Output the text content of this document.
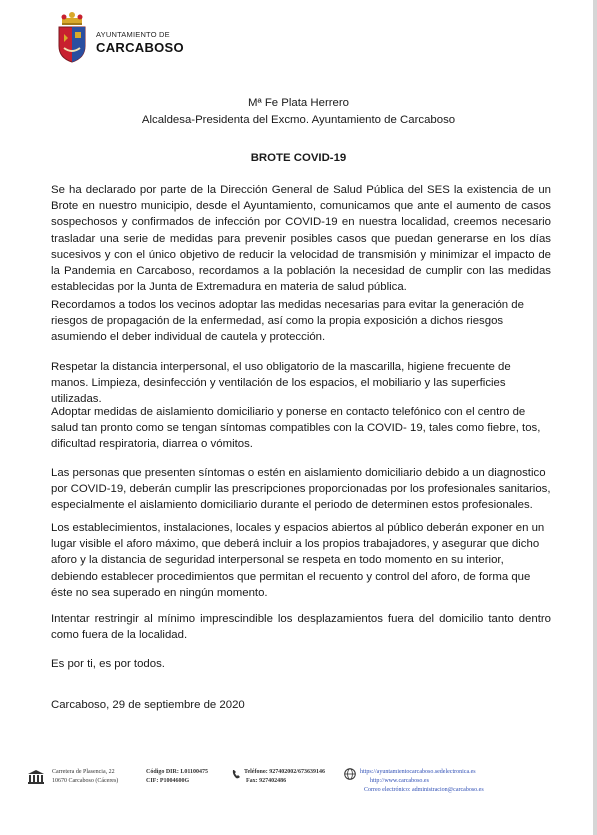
AYUNTAMIENTO DE
CARCABOSO
Mª Fe Plata Herrero
Alcaldesa-Presidenta del Excmo. Ayuntamiento de Carcaboso
BROTE COVID-19

Se ha declarado por parte de la Dirección General de Salud Pública del SES la existencia de un Brote en nuestro municipio, desde el Ayuntamiento, comunicamos que ante el aumento de casos sospechosos y confirmados de infección por COVID-19 en nuestra localidad, creemos necesario trasladar una serie de medidas para prevenir posibles casos que puedan generarse en los días sucesivos y con el único objetivo de reducir la velocidad de transmisión y minimizar el impacto de la Pandemia en Carcaboso, recordamos a la población la necesidad de cumplir con las medidas establecidas por la Junta de Extremadura en materia de salud pública.

Recordamos a todos los vecinos adoptar las medidas necesarias para evitar la generación de riesgos de propagación de la enfermedad, así como la propia exposición a dichos riesgos asumiendo el deber individual de cautela y protección.

Respetar la distancia interpersonal, el uso obligatorio de la mascarilla, higiene frecuente de manos. Limpieza, desinfección y ventilación de los espacios, el mobiliario y las superficies utilizadas.

Adoptar medidas de aislamiento domiciliario y ponerse en contacto telefónico con el centro de salud tan pronto como se tengan síntomas compatibles con la COVID- 19, tales como fiebre, tos, dificultad respiratoria, diarrea o vómitos.

Las personas que presenten síntomas o estén en aislamiento domiciliario debido a un diagnostico por COVID-19, deberán cumplir las prescripciones proporcionadas por los profesionales sanitarios, especialmente el aislamiento domiciliario durante el periodo de determinen estos profesionales.

Los establecimientos, instalaciones, locales y espacios abiertos al público deberán exponer en un lugar visible el aforo máximo, que deberá incluir a los propios trabajadores, y asegurar que dicho aforo y la distancia de seguridad interpersonal se respeta en todo momento en su interior, debiendo establecer procedimientos que permitan el recuento y control del aforo, de forma que éste no sea superado en ningún momento.

Intentar restringir al mínimo imprescindible los desplazamientos fuera del domicilio tanto dentro como fuera de la localidad.

Es por ti, es por todos.

Carcaboso, 29 de septiembre de 2020

Carretera de Plasencia, 22
10670 Carcaboso (Cáceres)
Código DIR: L01100475
CIF: P1004600G
Teléfono: 927402002/673639146
Fax: 927402486
https://ayuntamientocarcaboso.sedelectronica.es
http://www.carcaboso.es
Correo electrónico: administracion@carcaboso.es
